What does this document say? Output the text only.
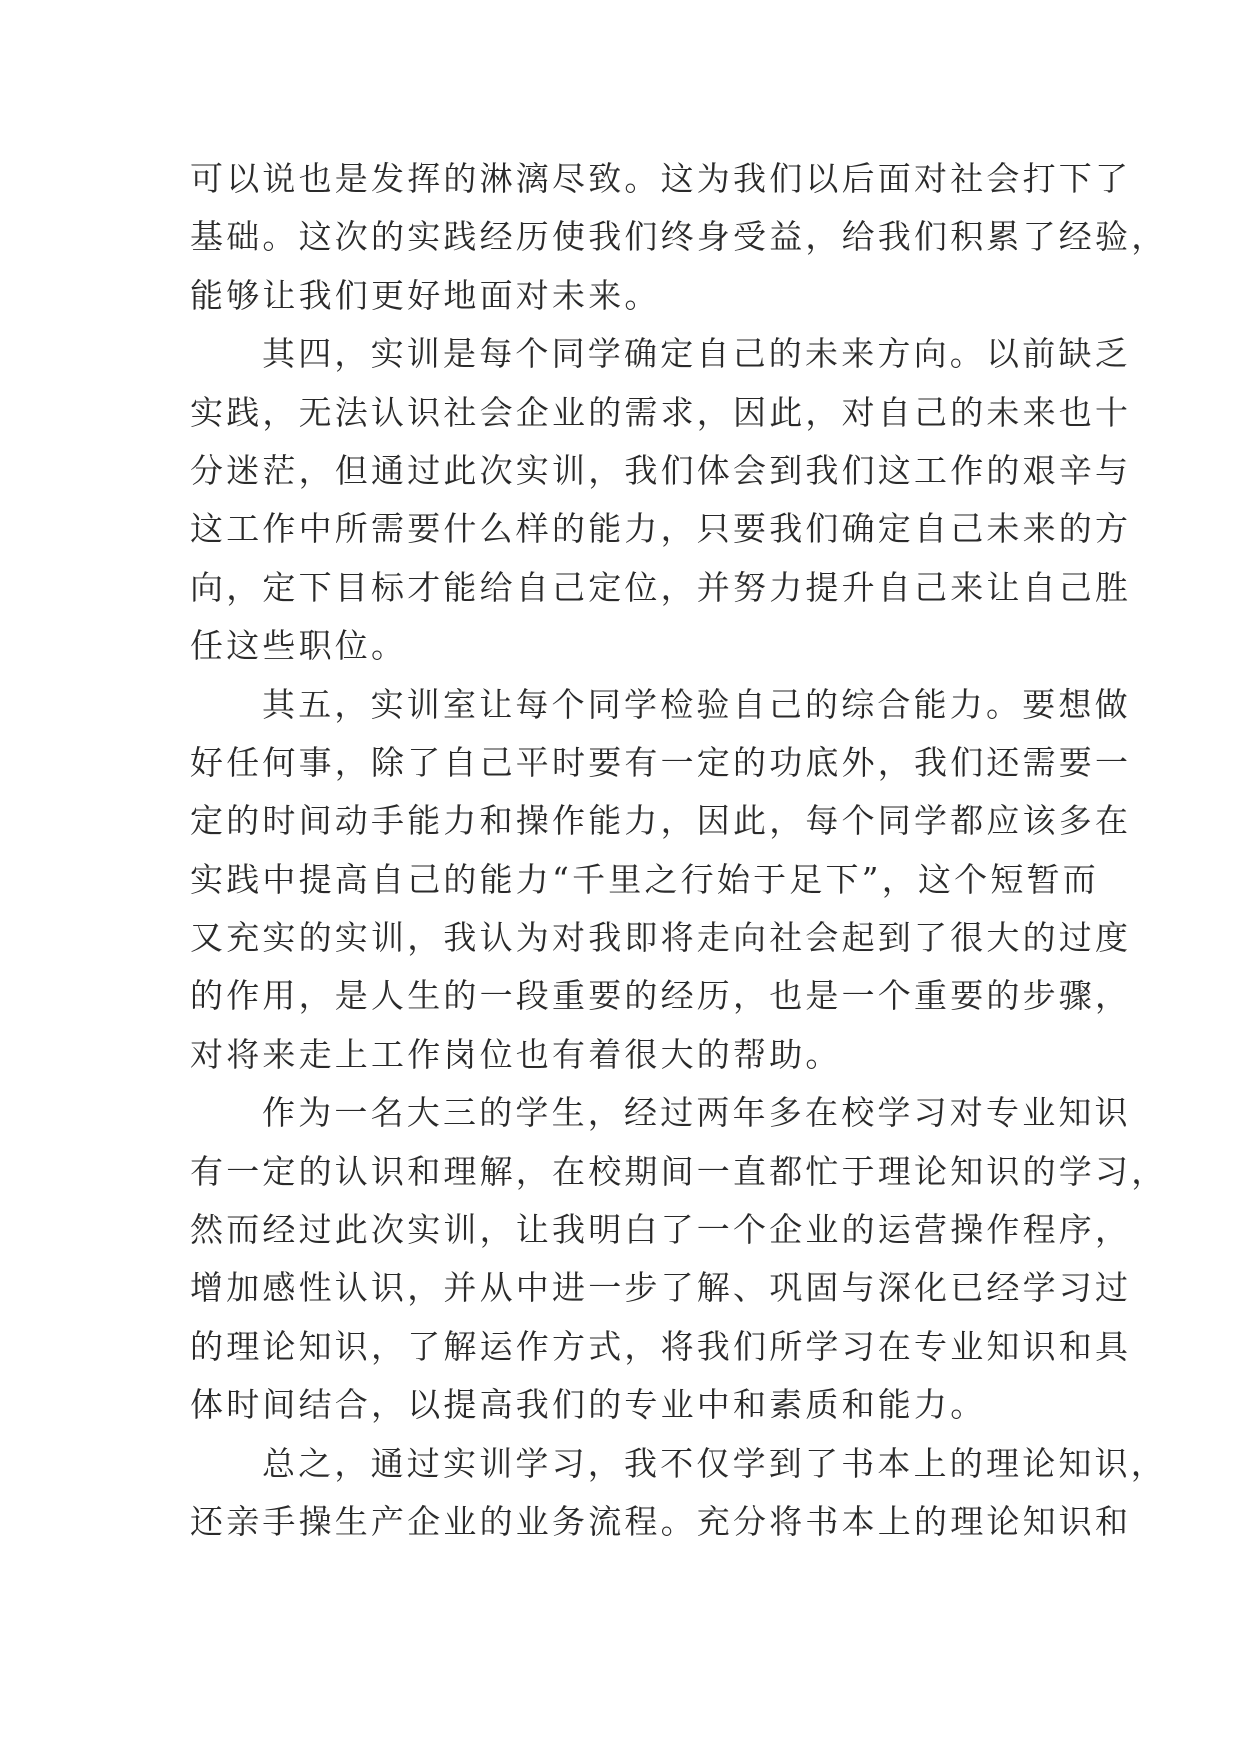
可以说也是发挥的淋漓尽致。这为我们以后面对社会打下了
基础。这次的实践经历使我们终身受益，给我们积累了经验，
能够让我们更好地面对未来。
其四，实训是每个同学确定自己的未来方向。以前缺乏
实践，无法认识社会企业的需求，因此，对自己的未来也十
分迷茫，但通过此次实训，我们体会到我们这工作的艰辛与
这工作中所需要什么样的能力，只要我们确定自己未来的方
向，定下目标才能给自己定位，并努力提升自己来让自己胜
任这些职位。
其五，实训室让每个同学检验自己的综合能力。要想做
好任何事，除了自己平时要有一定的功底外，我们还需要一
定的时间动手能力和操作能力，因此，每个同学都应该多在
实践中提高自己的能力“千里之行始于足下”，这个短暂而
又充实的实训，我认为对我即将走向社会起到了很大的过度
的作用，是人生的一段重要的经历，也是一个重要的步骤，
对将来走上工作岗位也有着很大的帮助。
作为一名大三的学生，经过两年多在校学习对专业知识
有一定的认识和理解，在校期间一直都忙于理论知识的学习，
然而经过此次实训，让我明白了一个企业的运营操作程序，
增加感性认识，并从中进一步了解、巩固与深化已经学习过
的理论知识，了解运作方式，将我们所学习在专业知识和具
体时间结合，以提高我们的专业中和素质和能力。
总之，通过实训学习，我不仅学到了书本上的理论知识，
还亲手操生产企业的业务流程。充分将书本上的理论知识和
